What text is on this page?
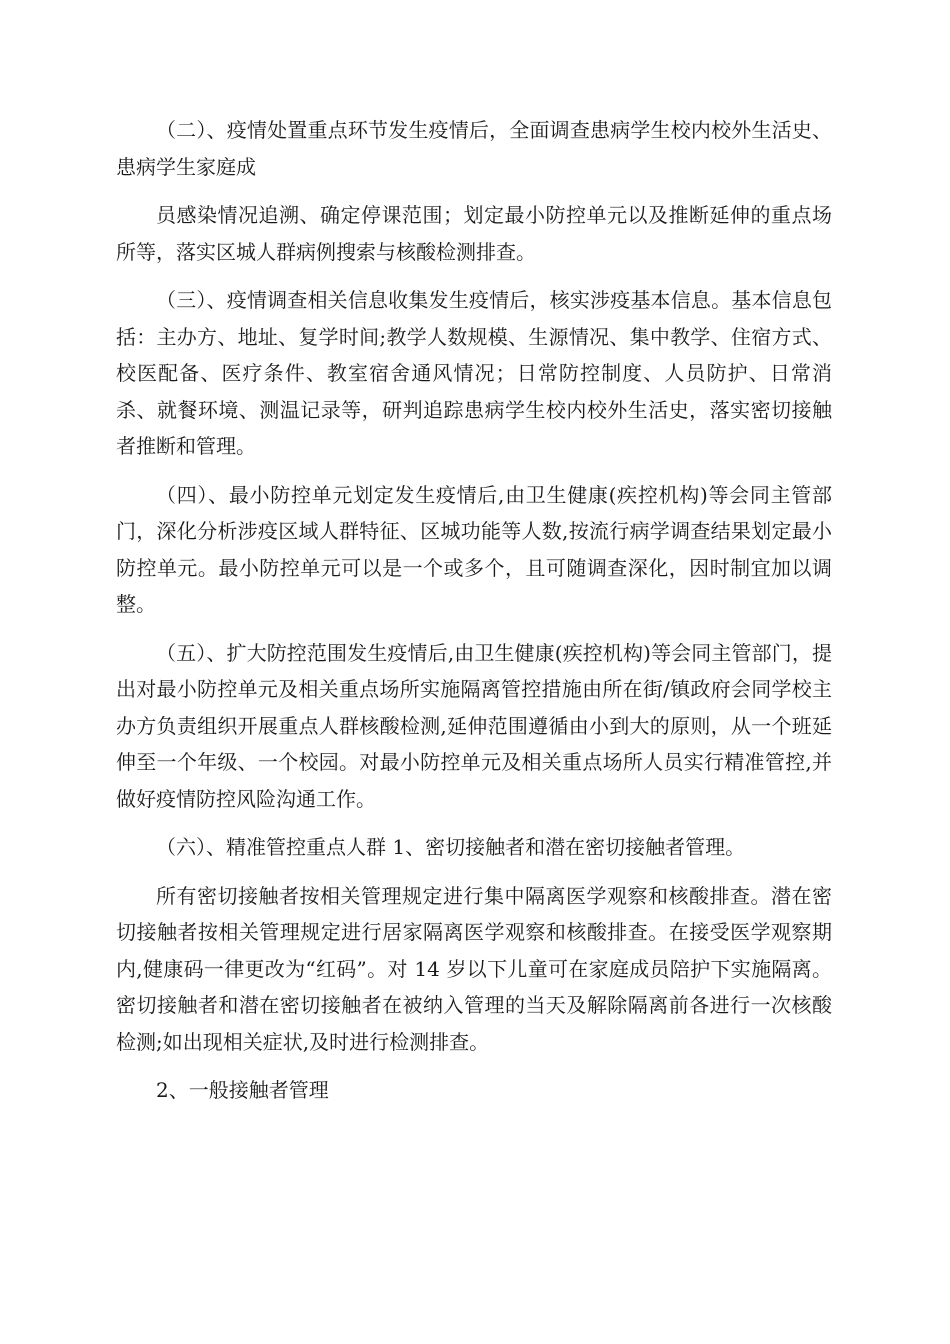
（二）、疫情处置重点环节发生疫情后，全面调查患病学生校内校外生活史、患病学生家庭成

员感染情况追溯、确定停课范围；划定最小防控单元以及推断延伸的重点场所等，落实区城人群病例搜索与核酸检测排查。

（三）、疫情调查相关信息收集发生疫情后，核实涉疫基本信息。基本信息包括：主办方、地址、复学时间;教学人数规模、生源情况、集中教学、住宿方式、校医配备、医疗条件、教室宿舍通风情况；日常防控制度、人员防护、日常消杀、就餐环境、测温记录等，研判追踪患病学生校内校外生活史，落实密切接触者推断和管理。

（四）、最小防控单元划定发生疫情后,由卫生健康(疾控机构)等会同主管部门，深化分析涉疫区域人群特征、区城功能等人数,按流行病学调查结果划定最小防控单元。最小防控单元可以是一个或多个，且可随调查深化，因时制宜加以调整。

（五）、扩大防控范围发生疫情后,由卫生健康(疾控机构)等会同主管部门，提出对最小防控单元及相关重点场所实施隔离管控措施由所在街/镇政府会同学校主办方负责组织开展重点人群核酸检测,延伸范围遵循由小到大的原则，从一个班延伸至一个年级、一个校园。对最小防控单元及相关重点场所人员实行精准管控,并做好疫情防控风险沟通工作。

（六）、精准管控重点人群 1、密切接触者和潜在密切接触者管理。

所有密切接触者按相关管理规定进行集中隔离医学观察和核酸排查。潜在密切接触者按相关管理规定进行居家隔离医学观察和核酸排查。在接受医学观察期内,健康码一律更改为“红码”。对 14 岁以下儿童可在家庭成员陪护下实施隔离。密切接触者和潜在密切接触者在被纳入管理的当天及解除隔离前各进行一次核酸检测;如出现相关症状,及时进行检测排查。

2、一般接触者管理
